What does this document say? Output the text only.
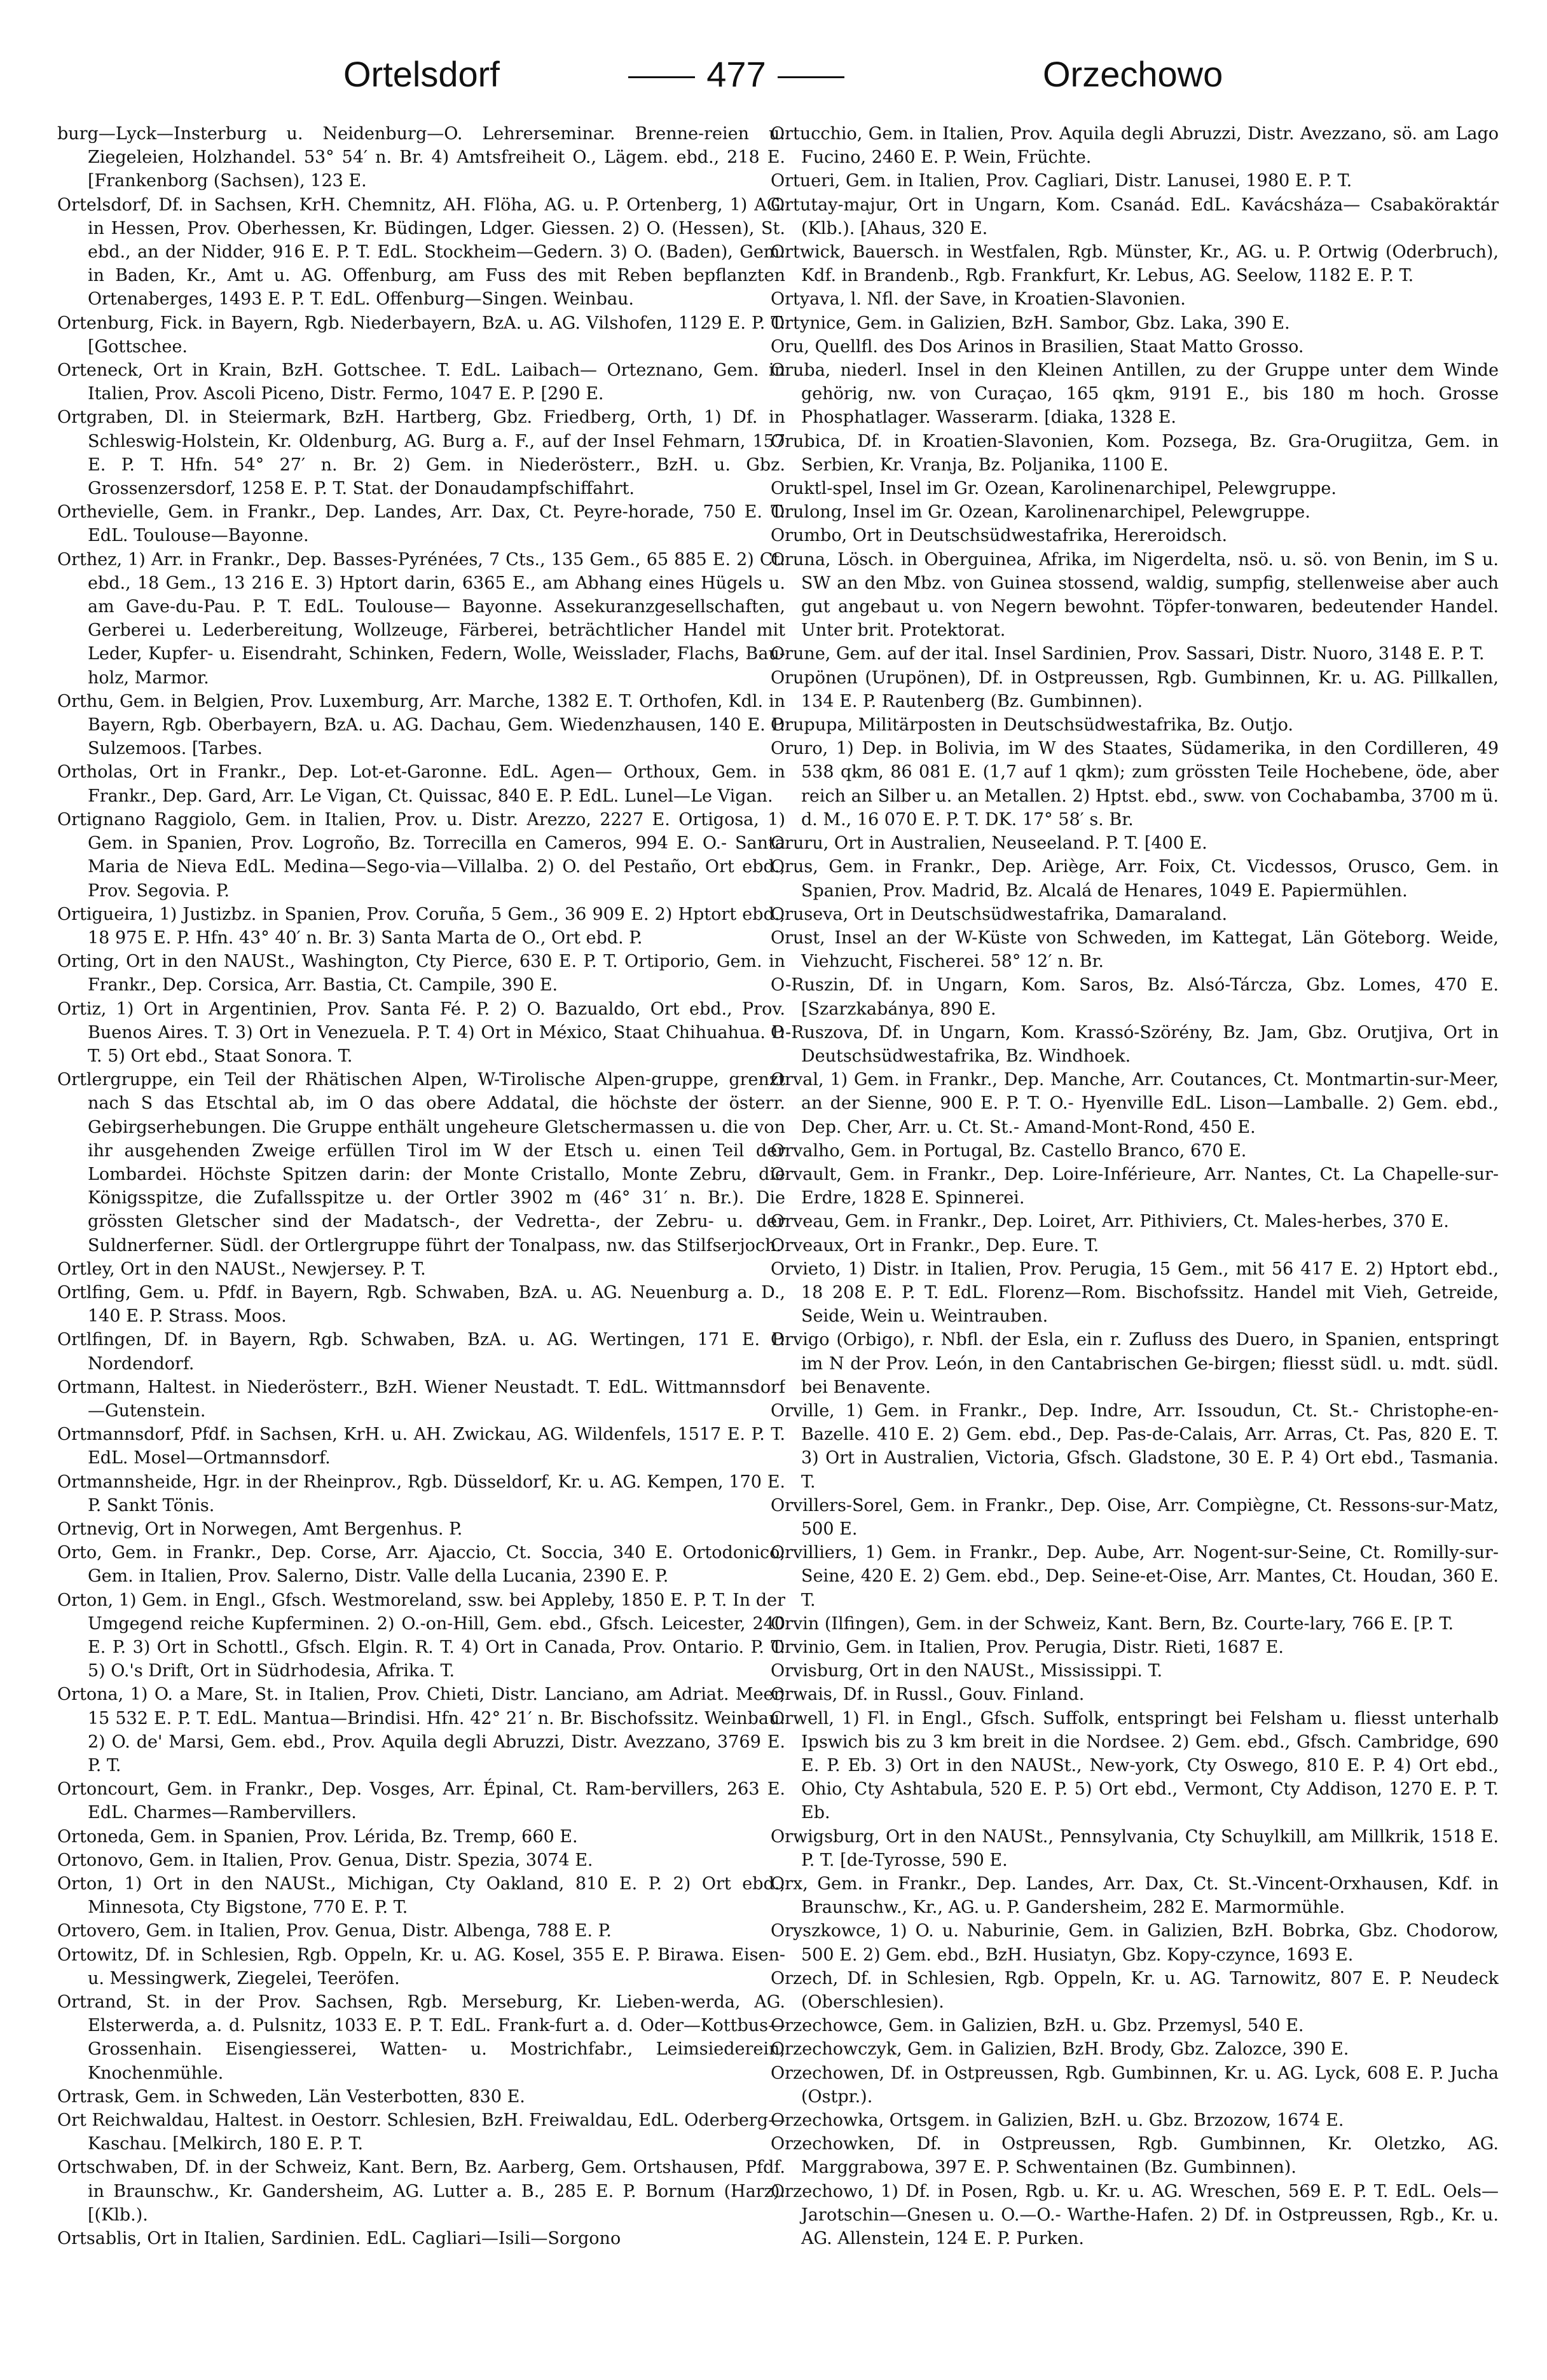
Ortelsdorf	477	Orzechowo

burg—Lyck—Insterburg u. Neidenburg—O. Lehrerseminar. Brenne-reien u. Ziegeleien, Holzhandel. 53° 54′ n. Br. 4) Amtsfreiheit O., Lägem. ebd., 218 E. [Frankenborg (Sachsen), 123 E.

Ortelsdorf, Df. in Sachsen, KrH. Chemnitz, AH. Flöha, AG. u. P. Ortenberg, 1) AG. in Hessen, Prov. Oberhessen, Kr. Büdingen, Ldger. Giessen. 2) O. (Hessen), St. ebd., an der Nidder, 916 E. P. T. EdL. Stockheim—Gedern. 3) O. (Baden), Gem. in Baden, Kr., Amt u. AG. Offenburg, am Fuss des mit Reben bepflanzten Ortenaberges, 1493 E. P. T. EdL. Offenburg—Singen. Weinbau.

Ortenburg, Fick. in Bayern, Rgb. Niederbayern, BzA. u. AG. Vilshofen, 1129 E. P. T. [Gottschee.

Orteneck, Ort in Krain, BzH. Gottschee. T. EdL. Laibach— Orteznano, Gem. in Italien, Prov. Ascoli Piceno, Distr. Fermo, 1047 E. P. [290 E.

Ortgraben, Dl. in Steiermark, BzH. Hartberg, Gbz. Friedberg, Orth, 1) Df. in Schleswig-Holstein, Kr. Oldenburg, AG. Burg a. F., auf der Insel Fehmarn, 157 E. P. T. Hfn. 54° 27′ n. Br. 2) Gem. in Niederösterr., BzH. u. Gbz. Grossenzersdorf, 1258 E. P. T. Stat. der Donaudampfschiffahrt.

Orthevielle, Gem. in Frankr., Dep. Landes, Arr. Dax, Ct. Peyre-horade, 750 E. T. EdL. Toulouse—Bayonne.

Orthez, 1) Arr. in Frankr., Dep. Basses-Pyrénées, 7 Cts., 135 Gem., 65 885 E. 2) Ct. ebd., 18 Gem., 13 216 E. 3) Hptort darin, 6365 E., am Abhang eines Hügels u. am Gave-du-Pau. P. T. EdL. Toulouse— Bayonne. Assekuranzgesellschaften, Gerberei u. Lederbereitung, Wollzeuge, Färberei, beträchtlicher Handel mit Leder, Kupfer- u. Eisendraht, Schinken, Federn, Wolle, Weisslader, Flachs, Bau-holz, Marmor.

Orthu, Gem. in Belgien, Prov. Luxemburg, Arr. Marche, 1382 E. T. Orthofen, Kdl. in Bayern, Rgb. Oberbayern, BzA. u. AG. Dachau, Gem. Wiedenzhausen, 140 E. P. Sulzemoos. [Tarbes.

Ortholas, Ort in Frankr., Dep. Lot-et-Garonne. EdL. Agen— Orthoux, Gem. in Frankr., Dep. Gard, Arr. Le Vigan, Ct. Quissac, 840 E. P. EdL. Lunel—Le Vigan.

Ortignano Raggiolo, Gem. in Italien, Prov. u. Distr. Arezzo, 2227 E. Ortigosa, 1) Gem. in Spanien, Prov. Logroño, Bz. Torrecilla en Cameros, 994 E. O.- Santa Maria de Nieva EdL. Medina—Sego-via—Villalba. 2) O. del Pestaño, Ort ebd., Prov. Segovia. P.

Ortigueira, 1) Justizbz. in Spanien, Prov. Coruña, 5 Gem., 36 909 E. 2) Hptort ebd., 18 975 E. P. Hfn. 43° 40′ n. Br. 3) Santa Marta de O., Ort ebd. P.

Orting, Ort in den NAUSt., Washington, Cty Pierce, 630 E. P. T. Ortiporio, Gem. in Frankr., Dep. Corsica, Arr. Bastia, Ct. Campile, 390 E.

Ortiz, 1) Ort in Argentinien, Prov. Santa Fé. P. 2) O. Bazualdo, Ort ebd., Prov. Buenos Aires. T. 3) Ort in Venezuela. P. T. 4) Ort in México, Staat Chihuahua. P. T. 5) Ort ebd., Staat Sonora. T.

Ortlergruppe, ein Teil der Rhätischen Alpen, W-Tirolische Alpen-gruppe, grenzt nach S das Etschtal ab, im O das obere Addatal, die höchste der österr. Gebirgserhebungen. Die Gruppe enthält ungeheure Gletschermassen u. die von ihr ausgehenden Zweige erfüllen Tirol im W der Etsch u. einen Teil der Lombardei. Höchste Spitzen darin: der Monte Cristallo, Monte Zebru, die Königsspitze, die Zufallsspitze u. der Ortler 3902 m (46° 31′ n. Br.). Die grössten Gletscher sind der Madatsch-, der Vedretta-, der Zebru- u. der Suldnerferner. Südl. der Ortlergruppe führt der Tonalpass, nw. das Stilfserjoch.

Ortley, Ort in den NAUSt., Newjersey. P. T.

Ortlfing, Gem. u. Pfdf. in Bayern, Rgb. Schwaben, BzA. u. AG. Neuenburg a. D., 140 E. P. Strass. Moos.

Ortlfingen, Df. in Bayern, Rgb. Schwaben, BzA. u. AG. Wertingen, 171 E. P. Nordendorf.

Ortmann, Haltest. in Niederösterr., BzH. Wiener Neustadt. T. EdL. Wittmannsdorf—Gutenstein.

Ortmannsdorf, Pfdf. in Sachsen, KrH. u. AH. Zwickau, AG. Wildenfels, 1517 E. P. T. EdL. Mosel—Ortmannsdorf.

Ortmannsheide, Hgr. in der Rheinprov., Rgb. Düsseldorf, Kr. u. AG. Kempen, 170 E. P. Sankt Tönis.

Ortnevig, Ort in Norwegen, Amt Bergenhus. P.

Orto, Gem. in Frankr., Dep. Corse, Arr. Ajaccio, Ct. Soccia, 340 E. Ortodonico, Gem. in Italien, Prov. Salerno, Distr. Valle della Lucania, 2390 E. P.

Orton, 1) Gem. in Engl., Gfsch. Westmoreland, ssw. bei Appleby, 1850 E. P. T. In der Umgegend reiche Kupferminen. 2) O.-on-Hill, Gem. ebd., Gfsch. Leicester, 240 E. P. 3) Ort in Schottl., Gfsch. Elgin. R. T. 4) Ort in Canada, Prov. Ontario. P. T. 5) O.'s Drift, Ort in Südrhodesia, Afrika. T.

Ortona, 1) O. a Mare, St. in Italien, Prov. Chieti, Distr. Lanciano, am Adriat. Meer, 15 532 E. P. T. EdL. Mantua—Brindisi. Hfn. 42° 21′ n. Br. Bischofssitz. Weinbau. 2) O. de' Marsi, Gem. ebd., Prov. Aquila degli Abruzzi, Distr. Avezzano, 3769 E. P. T.

Ortoncourt, Gem. in Frankr., Dep. Vosges, Arr. Épinal, Ct. Ram-bervillers, 263 E. EdL. Charmes—Rambervillers.

Ortoneda, Gem. in Spanien, Prov. Lérida, Bz. Tremp, 660 E.

Ortonovo, Gem. in Italien, Prov. Genua, Distr. Spezia, 3074 E.

Orton, 1) Ort in den NAUSt., Michigan, Cty Oakland, 810 E. P. 2) Ort ebd., Minnesota, Cty Bigstone, 770 E. P. T.

Ortovero, Gem. in Italien, Prov. Genua, Distr. Albenga, 788 E. P.

Ortowitz, Df. in Schlesien, Rgb. Oppeln, Kr. u. AG. Kosel, 355 E. P. Birawa. Eisen- u. Messingwerk, Ziegelei, Teeröfen.

Ortrand, St. in der Prov. Sachsen, Rgb. Merseburg, Kr. Lieben-werda, AG. Elsterwerda, a. d. Pulsnitz, 1033 E. P. T. EdL. Frank-furt a. d. Oder—Kottbus—Grossenhain. Eisengiesserei, Watten- u. Mostrichfabr., Leimsiederein, Knochenmühle.

Ortrask, Gem. in Schweden, Län Vesterbotten, 830 E.

Ort Reichwaldau, Haltest. in Oestorr. Schlesien, BzH. Freiwaldau, EdL. Oderberg—Kaschau. [Melkirch, 180 E. P. T.

Ortschwaben, Df. in der Schweiz, Kant. Bern, Bz. Aarberg, Gem. Ortshausen, Pfdf. in Braunschw., Kr. Gandersheim, AG. Lutter a. B., 285 E. P. Bornum (Harz). [(Klb.).

Ortsablis, Ort in Italien, Sardinien. EdL. Cagliari—Isili—Sorgono

Ortucchio, Gem. in Italien, Prov. Aquila degli Abruzzi, Distr. Avezzano, sö. am Lago Fucino, 2460 E. P. Wein, Früchte.

Ortueri, Gem. in Italien, Prov. Cagliari, Distr. Lanusei, 1980 E. P. T.

Ortutay-majur, Ort in Ungarn, Kom. Csanád. EdL. Kavácsháza— Csabaköraktár (Klb.). [Ahaus, 320 E.

Ortwick, Bauersch. in Westfalen, Rgb. Münster, Kr., AG. u. P. Ortwig (Oderbruch), Kdf. in Brandenb., Rgb. Frankfurt, Kr. Lebus, AG. Seelow, 1182 E. P. T.

Ortyava, l. Nfl. der Save, in Kroatien-Slavonien.

Ortynice, Gem. in Galizien, BzH. Sambor, Gbz. Laka, 390 E.

Oru, Quellfl. des Dos Arinos in Brasilien, Staat Matto Grosso.

Oruba, niederl. Insel in den Kleinen Antillen, zu der Gruppe unter dem Winde gehörig, nw. von Curaçao, 165 qkm, 9191 E., bis 180 m hoch. Grosse Phosphatlager. Wasserarm. [diaka, 1328 E.

Orubica, Df. in Kroatien-Slavonien, Kom. Pozsega, Bz. Gra-Orugiitza, Gem. in Serbien, Kr. Vranja, Bz. Poljanika, 1100 E.

Oruktl-spel, Insel im Gr. Ozean, Karolinenarchipel, Pelewgruppe.

Orulong, Insel im Gr. Ozean, Karolinenarchipel, Pelewgruppe.

Orumbo, Ort in Deutschsüdwestafrika, Hereroidsch.

Oruna, Lösch. in Oberguinea, Afrika, im Nigerdelta, nsö. u. sö. von Benin, im S u. SW an den Mbz. von Guinea stossend, waldig, sumpfig, stellenweise aber auch gut angebaut u. von Negern bewohnt. Töpfer-tonwaren, bedeutender Handel. Unter brit. Protektorat.

Orune, Gem. auf der ital. Insel Sardinien, Prov. Sassari, Distr. Nuoro, 3148 E. P. T.

Orupönen (Urupönen), Df. in Ostpreussen, Rgb. Gumbinnen, Kr. u. AG. Pillkallen, 134 E. P. Rautenberg (Bz. Gumbinnen).

Orupupa, Militärposten in Deutschsüdwestafrika, Bz. Outjo.

Oruro, 1) Dep. in Bolivia, im W des Staates, Südamerika, in den Cordilleren, 49 538 qkm, 86 081 E. (1,7 auf 1 qkm); zum grössten Teile Hochebene, öde, aber reich an Silber u. an Metallen. 2) Hptst. ebd., sww. von Cochabamba, 3700 m ü. d. M., 16 070 E. P. T. DK. 17° 58′ s. Br.

Oruru, Ort in Australien, Neuseeland. P. T. [400 E.

Orus, Gem. in Frankr., Dep. Ariège, Arr. Foix, Ct. Vicdessos, Orusco, Gem. in Spanien, Prov. Madrid, Bz. Alcalá de Henares, 1049 E. Papiermühlen.

Oruseva, Ort in Deutschsüdwestafrika, Damaraland.

Orust, Insel an der W-Küste von Schweden, im Kattegat, Län Göteborg. Weide, Viehzucht, Fischerei. 58° 12′ n. Br.

O-Ruszin, Df. in Ungarn, Kom. Saros, Bz. Alsó-Tárcza, Gbz. Lomes, 470 E. [Szarzkabánya, 890 E.

O-Ruszova, Df. in Ungarn, Kom. Krassó-Szörény, Bz. Jam, Gbz. Orutjiva, Ort in Deutschsüdwestafrika, Bz. Windhoek.

Orval, 1) Gem. in Frankr., Dep. Manche, Arr. Coutances, Ct. Montmartin-sur-Meer, an der Sienne, 900 E. P. T. O.- Hyenville EdL. Lison—Lamballe. 2) Gem. ebd., Dep. Cher, Arr. u. Ct. St.- Amand-Mont-Rond, 450 E.

Orvalho, Gem. in Portugal, Bz. Castello Branco, 670 E.

Orvault, Gem. in Frankr., Dep. Loire-Inférieure, Arr. Nantes, Ct. La Chapelle-sur-Erdre, 1828 E. Spinnerei.

Orveau, Gem. in Frankr., Dep. Loiret, Arr. Pithiviers, Ct. Males-herbes, 370 E.

Orveaux, Ort in Frankr., Dep. Eure. T.

Orvieto, 1) Distr. in Italien, Prov. Perugia, 15 Gem., mit 56 417 E. 2) Hptort ebd., 18 208 E. P. T. EdL. Florenz—Rom. Bischofssitz. Handel mit Vieh, Getreide, Seide, Wein u. Weintrauben.

Orvigo (Orbigo), r. Nbfl. der Esla, ein r. Zufluss des Duero, in Spanien, entspringt im N der Prov. León, in den Cantabrischen Ge-birgen; fliesst südl. u. mdt. südl. bei Benavente.

Orville, 1) Gem. in Frankr., Dep. Indre, Arr. Issoudun, Ct. St.- Christophe-en-Bazelle. 410 E. 2) Gem. ebd., Dep. Pas-de-Calais, Arr. Arras, Ct. Pas, 820 E. T. 3) Ort in Australien, Victoria, Gfsch. Gladstone, 30 E. P. 4) Ort ebd., Tasmania. T.

Orvillers-Sorel, Gem. in Frankr., Dep. Oise, Arr. Compiègne, Ct. Ressons-sur-Matz, 500 E.

Orvilliers, 1) Gem. in Frankr., Dep. Aube, Arr. Nogent-sur-Seine, Ct. Romilly-sur-Seine, 420 E. 2) Gem. ebd., Dep. Seine-et-Oise, Arr. Mantes, Ct. Houdan, 360 E. T.

Orvin (Ilfingen), Gem. in der Schweiz, Kant. Bern, Bz. Courte-lary, 766 E. [P. T.

Orvinio, Gem. in Italien, Prov. Perugia, Distr. Rieti, 1687 E.

Orvisburg, Ort in den NAUSt., Mississippi. T.

Orwais, Df. in Russl., Gouv. Finland.

Orwell, 1) Fl. in Engl., Gfsch. Suffolk, entspringt bei Felsham u. fliesst unterhalb Ipswich bis zu 3 km breit in die Nordsee. 2) Gem. ebd., Gfsch. Cambridge, 690 E. P. Eb. 3) Ort in den NAUSt., New-york, Cty Oswego, 810 E. P. 4) Ort ebd., Ohio, Cty Ashtabula, 520 E. P. 5) Ort ebd., Vermont, Cty Addison, 1270 E. P. T. Eb.

Orwigsburg, Ort in den NAUSt., Pennsylvania, Cty Schuylkill, am Millkrik, 1518 E. P. T. [de-Tyrosse, 590 E.

Orx, Gem. in Frankr., Dep. Landes, Arr. Dax, Ct. St.-Vincent-Orxhausen, Kdf. in Braunschw., Kr., AG. u. P. Gandersheim, 282 E. Marmormühle.

Oryszkowce, 1) O. u. Naburinie, Gem. in Galizien, BzH. Bobrka, Gbz. Chodorow, 500 E. 2) Gem. ebd., BzH. Husiatyn, Gbz. Kopy-czynce, 1693 E.

Orzech, Df. in Schlesien, Rgb. Oppeln, Kr. u. AG. Tarnowitz, 807 E. P. Neudeck (Oberschlesien).

Orzechowce, Gem. in Galizien, BzH. u. Gbz. Przemysl, 540 E.

Orzechowczyk, Gem. in Galizien, BzH. Brody, Gbz. Zalozce, 390 E.

Orzechowen, Df. in Ostpreussen, Rgb. Gumbinnen, Kr. u. AG. Lyck, 608 E. P. Jucha (Ostpr.).

Orzechowka, Ortsgem. in Galizien, BzH. u. Gbz. Brzozow, 1674 E.

Orzechowken, Df. in Ostpreussen, Rgb. Gumbinnen, Kr. Oletzko, AG. Marggrabowa, 397 E. P. Schwentainen (Bz. Gumbinnen).

Orzechowo, 1) Df. in Posen, Rgb. u. Kr. u. AG. Wreschen, 569 E. P. T. EdL. Oels—Jarotschin—Gnesen u. O.—O.- Warthe-Hafen. 2) Df. in Ostpreussen, Rgb., Kr. u. AG. Allenstein, 124 E. P. Purken.
